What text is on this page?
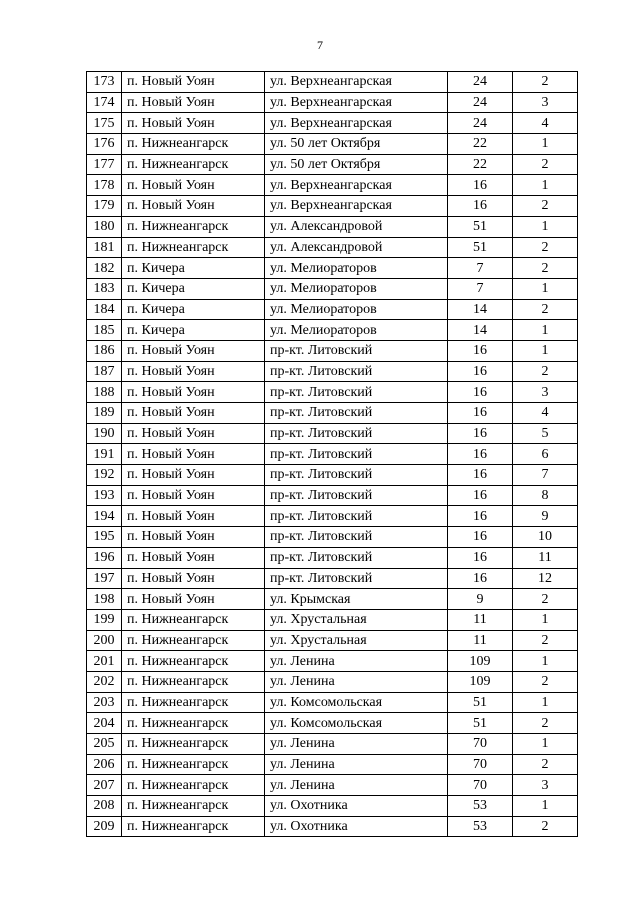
7
173	п. Новый Уоян	ул. Верхнеангарская	24	2
174	п. Новый Уоян	ул. Верхнеангарская	24	3
175	п. Новый Уоян	ул. Верхнеангарская	24	4
176	п. Нижнеангарск	ул. 50 лет Октября	22	1
177	п. Нижнеангарск	ул. 50 лет Октября	22	2
178	п. Новый Уоян	ул. Верхнеангарская	16	1
179	п. Новый Уоян	ул. Верхнеангарская	16	2
180	п. Нижнеангарск	ул. Александровой	51	1
181	п. Нижнеангарск	ул. Александровой	51	2
182	п. Кичера	ул. Мелиораторов	7	2
183	п. Кичера	ул. Мелиораторов	7	1
184	п. Кичера	ул. Мелиораторов	14	2
185	п. Кичера	ул. Мелиораторов	14	1
186	п. Новый Уоян	пр-кт. Литовский	16	1
187	п. Новый Уоян	пр-кт. Литовский	16	2
188	п. Новый Уоян	пр-кт. Литовский	16	3
189	п. Новый Уоян	пр-кт. Литовский	16	4
190	п. Новый Уоян	пр-кт. Литовский	16	5
191	п. Новый Уоян	пр-кт. Литовский	16	6
192	п. Новый Уоян	пр-кт. Литовский	16	7
193	п. Новый Уоян	пр-кт. Литовский	16	8
194	п. Новый Уоян	пр-кт. Литовский	16	9
195	п. Новый Уоян	пр-кт. Литовский	16	10
196	п. Новый Уоян	пр-кт. Литовский	16	11
197	п. Новый Уоян	пр-кт. Литовский	16	12
198	п. Новый Уоян	ул. Крымская	9	2
199	п. Нижнеангарск	ул. Хрустальная	11	1
200	п. Нижнеангарск	ул. Хрустальная	11	2
201	п. Нижнеангарск	ул. Ленина	109	1
202	п. Нижнеангарск	ул. Ленина	109	2
203	п. Нижнеангарск	ул. Комсомольская	51	1
204	п. Нижнеангарск	ул. Комсомольская	51	2
205	п. Нижнеангарск	ул. Ленина	70	1
206	п. Нижнеангарск	ул. Ленина	70	2
207	п. Нижнеангарск	ул. Ленина	70	3
208	п. Нижнеангарск	ул. Охотника	53	1
209	п. Нижнеангарск	ул. Охотника	53	2
